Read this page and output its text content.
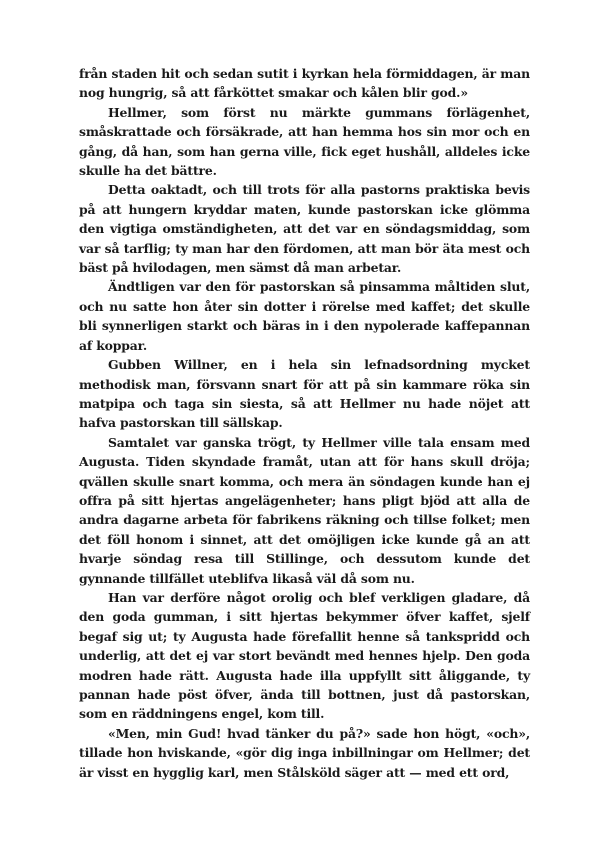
från staden hit och sedan sutit i kyrkan hela förmiddagen, är man nog hungrig, så att fårköttet smakar och kålen blir god.»

Hellmer, som först nu märkte gummans förlägenhet, småskrattade och försäkrade, att han hemma hos sin mor och en gång, då han, som han gerna ville, fick eget hushåll, alldeles icke skulle ha det bättre.

Detta oaktadt, och till trots för alla pastorns praktiska bevis på att hungern kryddar maten, kunde pastorskan icke glömma den vigtiga omständigheten, att det var en söndagsmiddag, som var så tarflig; ty man har den fördomen, att man bör äta mest och bäst på hvilodagen, men sämst då man arbetar.

Ändtligen var den för pastorskan så pinsamma måltiden slut, och nu satte hon åter sin dotter i rörelse med kaffet; det skulle bli synnerligen starkt och bäras in i den nypolerade kaffepannan af koppar.

Gubben Willner, en i hela sin lefnadsordning mycket methodisk man, försvann snart för att på sin kammare röka sin matpipa och taga sin siesta, så att Hellmer nu hade nöjet att hafva pastorskan till sällskap.

Samtalet var ganska trögt, ty Hellmer ville tala ensam med Augusta. Tiden skyndade framåt, utan att för hans skull dröja; qvällen skulle snart komma, och mera än söndagen kunde han ej offra på sitt hjertas angelägenheter; hans pligt bjöd att alla de andra dagarne arbeta för fabrikens räkning och tillse folket; men det föll honom i sinnet, att det omöjligen icke kunde gå an att hvarje söndag resa till Stillinge, och dessutom kunde det gynnande tillfället uteblifva likaså väl då som nu.

Han var derföre något orolig och blef verkligen gladare, då den goda gumman, i sitt hjertas bekymmer öfver kaffet, sjelf begaf sig ut; ty Augusta hade förefallit henne så tankspridd och underlig, att det ej var stort bevändt med hennes hjelp. Den goda modren hade rätt. Augusta hade illa uppfyllt sitt åliggande, ty pannan hade pöst öfver, ända till bottnen, just då pastorskan, som en räddningens engel, kom till.

«Men, min Gud! hvad tänker du på?» sade hon högt, «och», tillade hon hviskande, «gör dig inga inbillningar om Hellmer; det är visst en hygglig karl, men Stålsköld säger att — med ett ord,
